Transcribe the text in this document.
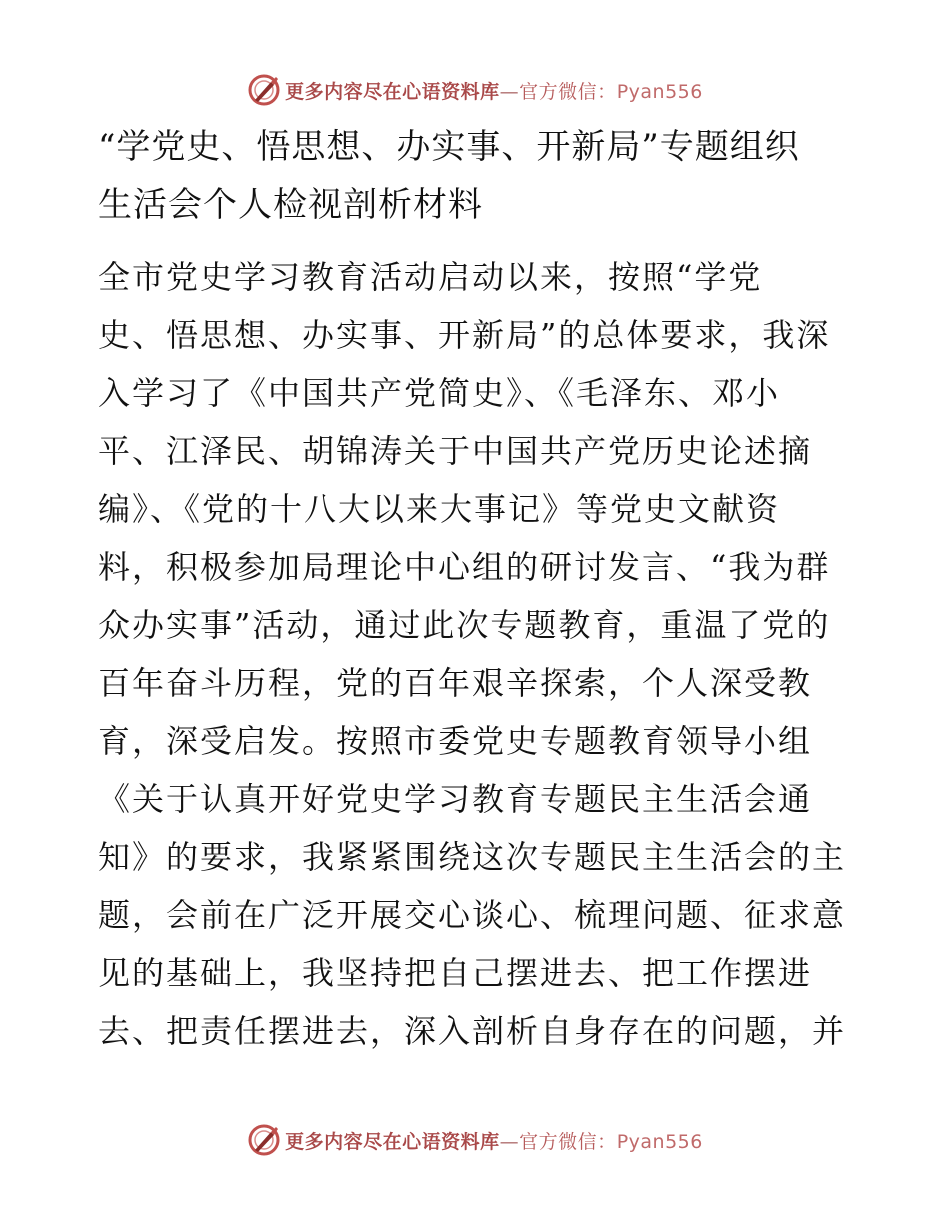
更多内容尽在心语资料库—官方微信：Pyan556
“学党史、悟思想、办实事、开新局”专题组织
生活会个人检视剖析材料
全市党史学习教育活动启动以来，按照“学党
史、悟思想、办实事、开新局”的总体要求，我深
入学习了《中国共产党简史》、《毛泽东、邓小
平、江泽民、胡锦涛关于中国共产党历史论述摘
编》、《党的十八大以来大事记》等党史文献资
料，积极参加局理论中心组的研讨发言、“我为群
众办实事”活动，通过此次专题教育，重温了党的
百年奋斗历程，党的百年艰辛探索，个人深受教
育，深受启发。按照市委党史专题教育领导小组
《关于认真开好党史学习教育专题民主生活会通
知》的要求，我紧紧围绕这次专题民主生活会的主
题，会前在广泛开展交心谈心、梳理问题、征求意
见的基础上，我坚持把自己摆进去、把工作摆进
去、把责任摆进去，深入剖析自身存在的问题，并
更多内容尽在心语资料库—官方微信：Pyan556
